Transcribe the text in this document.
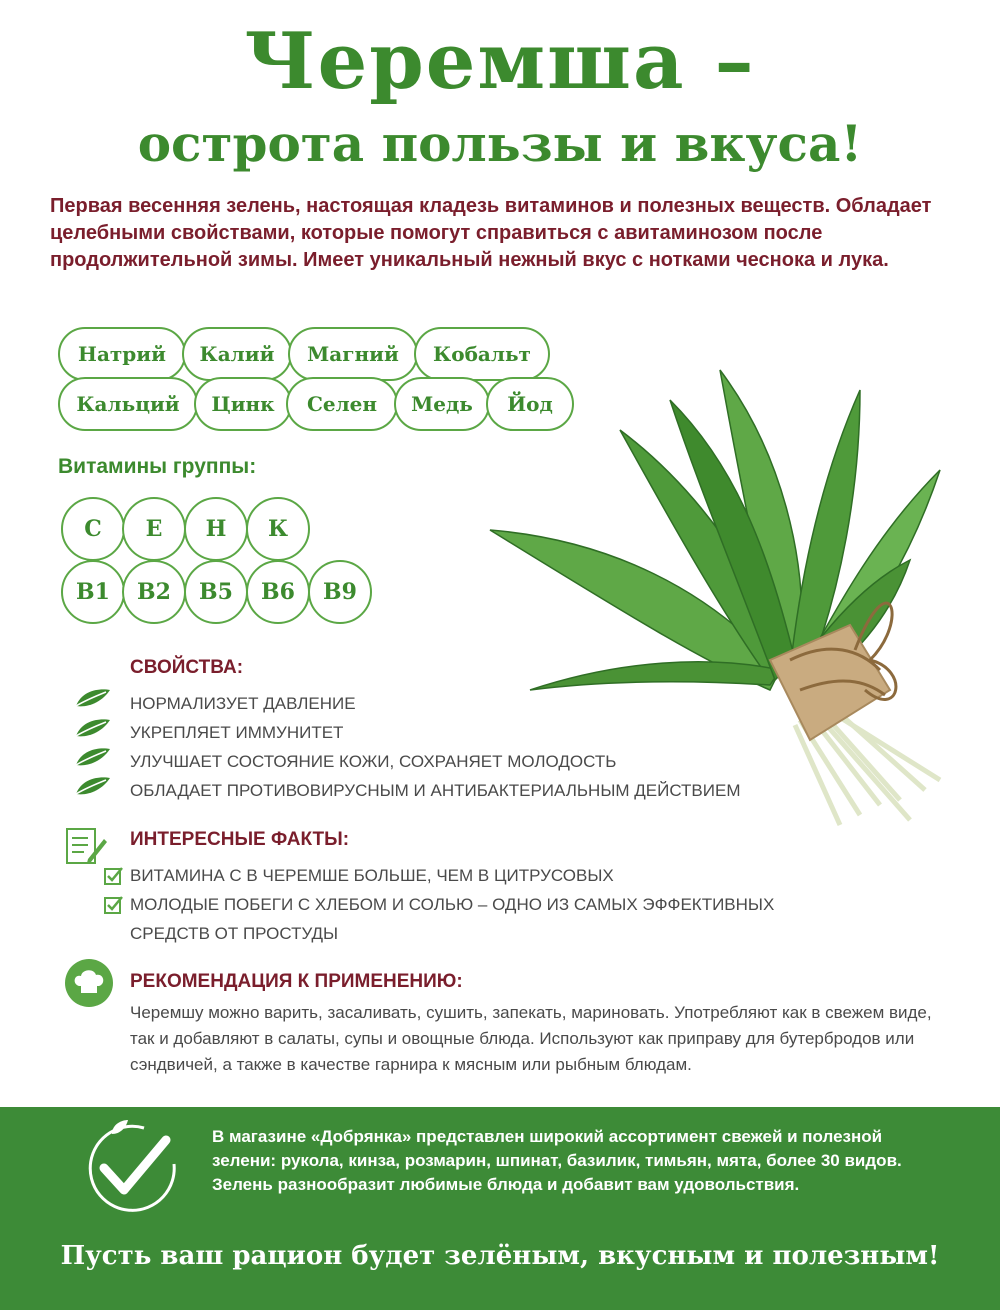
Черемша –
острота пользы и вкуса!
Первая весенняя зелень, настоящая кладезь витаминов и полезных веществ. Обладает целебными свойствами, которые помогут справиться с авитаминозом после продолжительной зимы. Имеет уникальный нежный вкус с нотками чеснока и лука.
Натрий	Калий	Магний	Кобальт
Кальций	Цинк	Селен	Медь	Йод
Витамины группы:
С	Е	Н	К
В1	В2	В5	В6	В9
СВОЙСТВА:
НОРМАЛИЗУЕТ ДАВЛЕНИЕ
УКРЕПЛЯЕТ ИММУНИТЕТ
УЛУЧШАЕТ СОСТОЯНИЕ КОЖИ, СОХРАНЯЕТ МОЛОДОСТЬ
ОБЛАДАЕТ ПРОТИВОВИРУСНЫМ И АНТИБАКТЕРИАЛЬНЫМ ДЕЙСТВИЕМ
ИНТЕРЕСНЫЕ ФАКТЫ:
ВИТАМИНА С В ЧЕРЕМШЕ БОЛЬШЕ, ЧЕМ В ЦИТРУСОВЫХ
МОЛОДЫЕ ПОБЕГИ С ХЛЕБОМ И СОЛЬЮ – ОДНО ИЗ САМЫХ ЭФФЕКТИВНЫХ
СРЕДСТВ ОТ ПРОСТУДЫ
РЕКОМЕНДАЦИЯ К ПРИМЕНЕНИЮ:
Черемшу можно варить, засаливать, сушить, запекать, мариновать. Употребляют как в свежем виде, так и добавляют в салаты, супы и овощные блюда. Используют как приправу для бутербродов или сэндвичей, а также в качестве гарнира к мясным или рыбным блюдам.
В магазине «Добрянка» представлен широкий ассортимент свежей и полезной зелени: рукола, кинза, розмарин, шпинат, базилик, тимьян, мята, более 30 видов. Зелень разнообразит любимые блюда и добавит вам удовольствия.
Пусть ваш рацион будет зелёным, вкусным и полезным!
